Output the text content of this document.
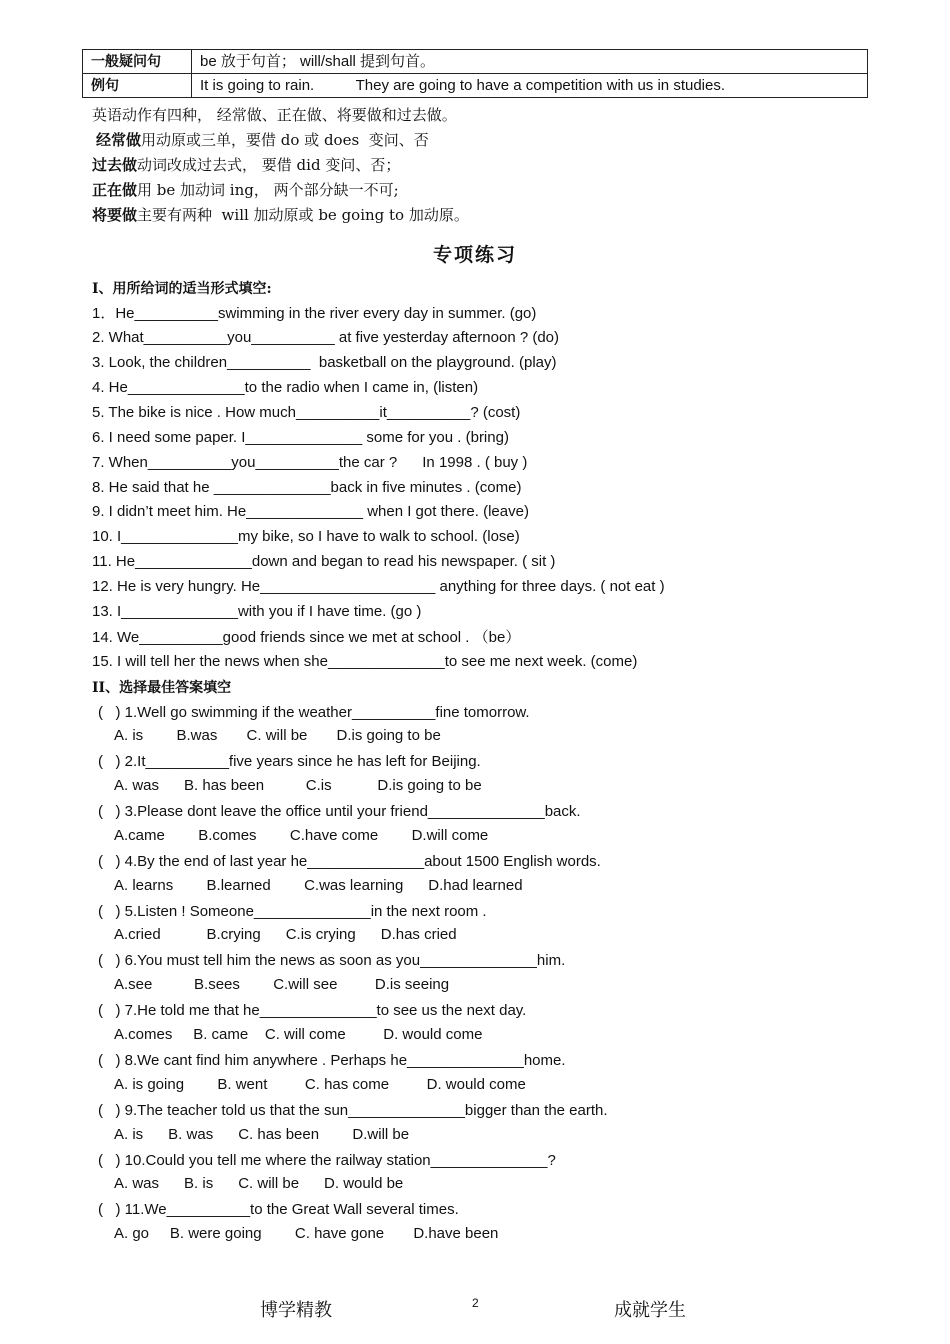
一般疑问句	be 放于句首； will/shall 提到句首。
例句	It is going to rain.          They are going to have a competition with us in studies.
英语动作有四种， 经常做、正在做、将要做和过去做。
经常做用动原或三单，要借 do 或 does  变问、否
过去做动词改成过去式， 要借 did 变问、否；
正在做用 be 加动词 ing， 两个部分缺一不可;
将要做主要有两种  will 加动原或 be going to 加动原。
专项练习
I、用所给词的适当形式填空:
1．He__________swimming in the river every day in summer. (go)
2. What__________you__________ at five yesterday afternoon ? (do)
3. Look, the children__________  basketball on the playground. (play)
4. He______________to the radio when I came in, (listen)
5. The bike is nice . How much__________it__________? (cost)
6. I need some paper. I______________ some for you . (bring)
7. When__________you__________the car ?      In 1998 . ( buy )
8. He said that he ______________back in five minutes . (come)
9. I didn’t meet him. He______________ when I got there. (leave)
10. I______________my bike, so I have to walk to school. (lose)
11. He______________down and began to read his newspaper. ( sit )
12. He is very hungry. He_____________________ anything for three days. ( not eat )
13. I______________with you if I have time. (go )
14. We__________good friends since we met at school . （be）
15. I will tell her the news when she______________to see me next week. (come)
II、选择最佳答案填空
(   ) 1.Well go swimming if the weather__________fine tomorrow.
A. is        B.was       C. will be       D.is going to be
(   ) 2.It__________five years since he has left for Beijing.
A. was      B. has been          C.is           D.is going to be
(   ) 3.Please dont leave the office until your friend______________back.
A.came        B.comes        C.have come        D.will come
(   ) 4.By the end of last year he______________about 1500 English words.
A. learns        B.learned        C.was learning      D.had learned
(   ) 5.Listen ! Someone______________in the next room .
A.cried           B.crying      C.is crying      D.has cried
(   ) 6.You must tell him the news as soon as you______________him.
A.see          B.sees        C.will see         D.is seeing
(   ) 7.He told me that he______________to see us the next day.
A.comes     B. came    C. will come         D. would come
(   ) 8.We cant find him anywhere . Perhaps he______________home.
A. is going        B. went         C. has come         D. would come
(   ) 9.The teacher told us that the sun______________bigger than the earth.
A. is      B. was      C. has been        D.will be
(   ) 10.Could you tell me where the railway station______________?
A. was      B. is      C. will be      D. would be
(   ) 11.We__________to the Great Wall several times.
A. go     B. were going        C. have gone       D.have been
博学精教	2	成就学生
